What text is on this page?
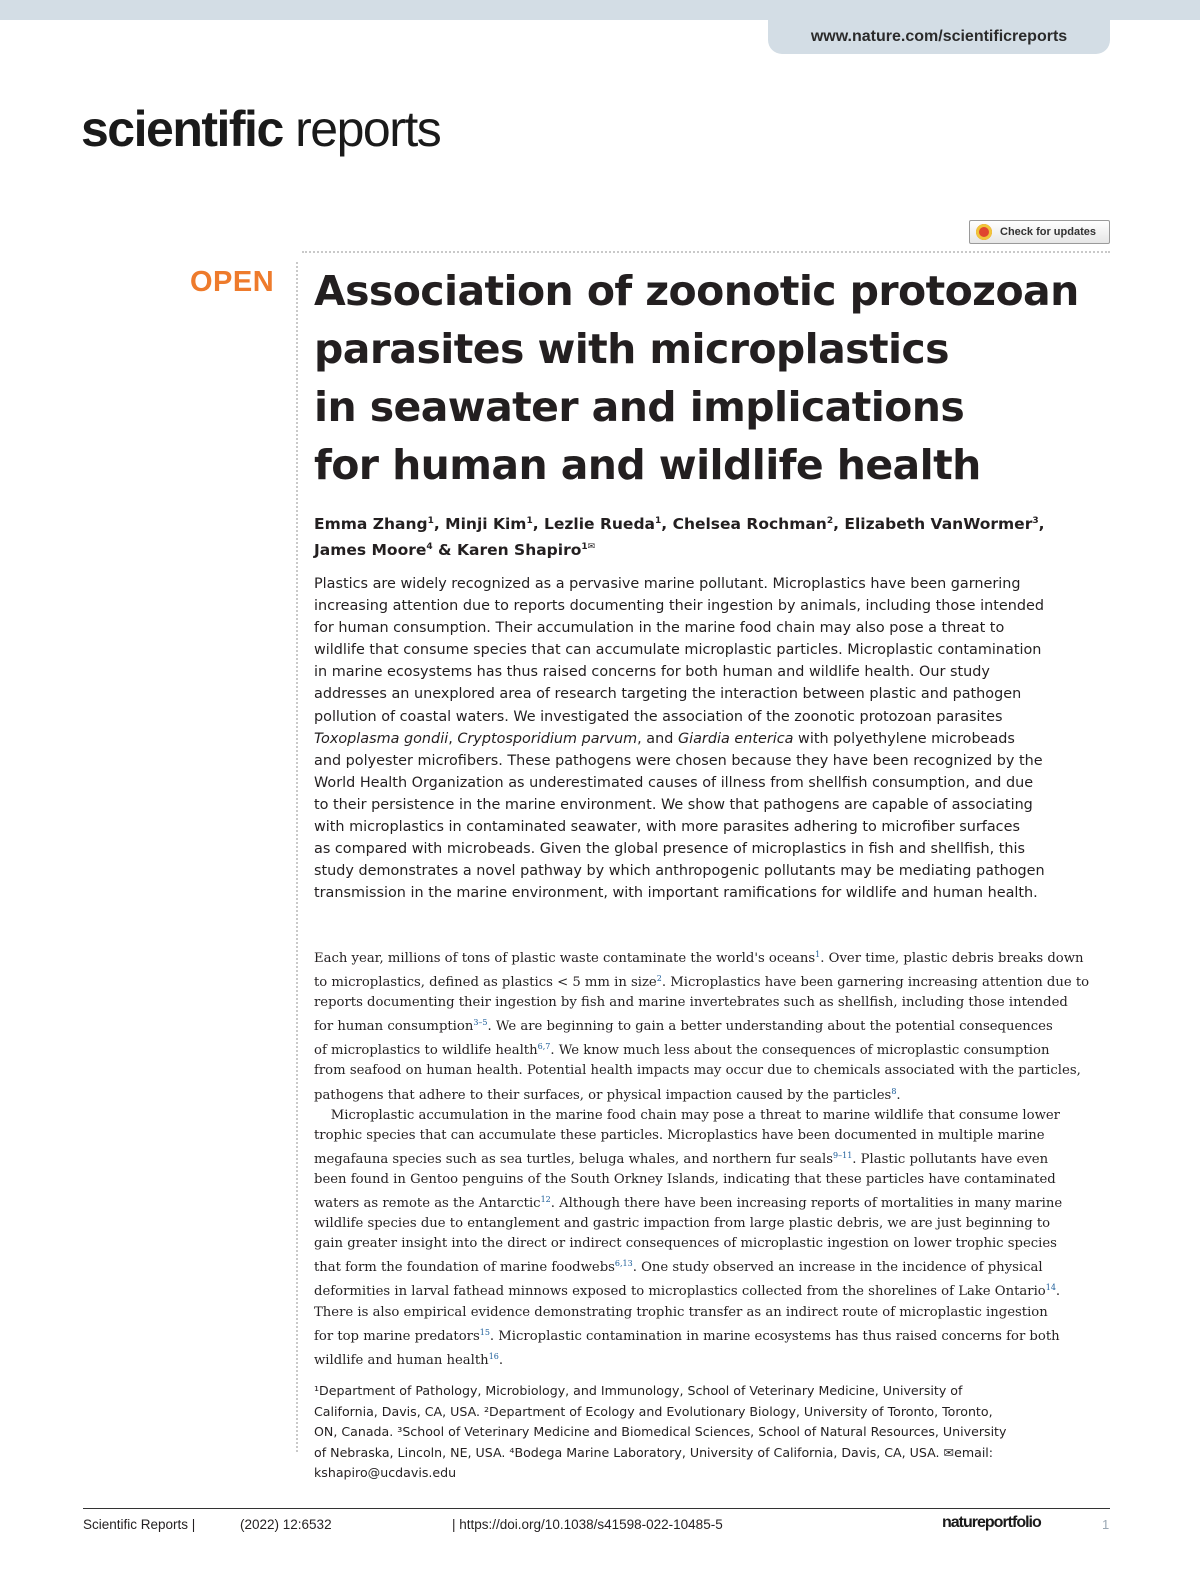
www.nature.com/scientificreports
scientific reports
Check for updates
OPEN Association of zoonotic protozoan
parasites with microplastics
in seawater and implications
for human and wildlife health
Emma Zhang$^1$, Minji Kim$^1$, Lezlie Rueda$^1$, Chelsea Rochman$^2$, Elizabeth VanWormer$^3$,
James Moore$^4$ & Karen Shapiro$^{1✉}$
Plastics are widely recognized as a pervasive marine pollutant. Microplastics have been garnering
increasing attention due to reports documenting their ingestion by animals, including those intended
for human consumption. Their accumulation in the marine food chain may also pose a threat to
wildlife that consume species that can accumulate microplastic particles. Microplastic contamination
in marine ecosystems has thus raised concerns for both human and wildlife health. Our study
addresses an unexplored area of research targeting the interaction between plastic and pathogen
pollution of coastal waters. We investigated the association of the zoonotic protozoan parasites
Toxoplasma gondii, Cryptosporidium parvum, and Giardia enterica with polyethylene microbeads
and polyester microfibers. These pathogens were chosen because they have been recognized by the
World Health Organization as underestimated causes of illness from shellfish consumption, and due
to their persistence in the marine environment. We show that pathogens are capable of associating
with microplastics in contaminated seawater, with more parasites adhering to microfiber surfaces
as compared with microbeads. Given the global presence of microplastics in fish and shellfish, this
study demonstrates a novel pathway by which anthropogenic pollutants may be mediating pathogen
transmission in the marine environment, with important ramifications for wildlife and human health.
Each year, millions of tons of plastic waste contaminate the world's oceans$^1$. Over time, plastic debris breaks down
to microplastics, defined as plastics < 5 mm in size$^2$. Microplastics have been garnering increasing attention due to
reports documenting their ingestion by fish and marine invertebrates such as shellfish, including those intended
for human consumption$^{3-5}$. We are beginning to gain a better understanding about the potential consequences
of microplastics to wildlife health$^{6,7}$. We know much less about the consequences of microplastic consumption
from seafood on human health. Potential health impacts may occur due to chemicals associated with the particles,
pathogens that adhere to their surfaces, or physical impaction caused by the particles$^8$.
Microplastic accumulation in the marine food chain may pose a threat to marine wildlife that consume lower
trophic species that can accumulate these particles. Microplastics have been documented in multiple marine
megafauna species such as sea turtles, beluga whales, and northern fur seals$^{9-11}$. Plastic pollutants have even
been found in Gentoo penguins of the South Orkney Islands, indicating that these particles have contaminated
waters as remote as the Antarctic$^{12}$. Although there have been increasing reports of mortalities in many marine
wildlife species due to entanglement and gastric impaction from large plastic debris, we are just beginning to
gain greater insight into the direct or indirect consequences of microplastic ingestion on lower trophic species
that form the foundation of marine foodwebs$^{6,13}$. One study observed an increase in the incidence of physical
deformities in larval fathead minnows exposed to microplastics collected from the shorelines of Lake Ontario$^{14}$.
There is also empirical evidence demonstrating trophic transfer as an indirect route of microplastic ingestion
for top marine predators$^{15}$. Microplastic contamination in marine ecosystems has thus raised concerns for both
wildlife and human health$^{16}$.
¹Department of Pathology, Microbiology, and Immunology, School of Veterinary Medicine, University of
California, Davis, CA, USA. ²Department of Ecology and Evolutionary Biology, University of Toronto, Toronto,
ON, Canada. ³School of Veterinary Medicine and Biomedical Sciences, School of Natural Resources, University
of Nebraska, Lincoln, NE, USA. ⁴Bodega Marine Laboratory, University of California, Davis, CA, USA. ✉email:
kshapiro@ucdavis.edu
Scientific Reports |	(2022) 12:6532	| https://doi.org/10.1038/s41598-022-10485-5	natureportfolio	1
